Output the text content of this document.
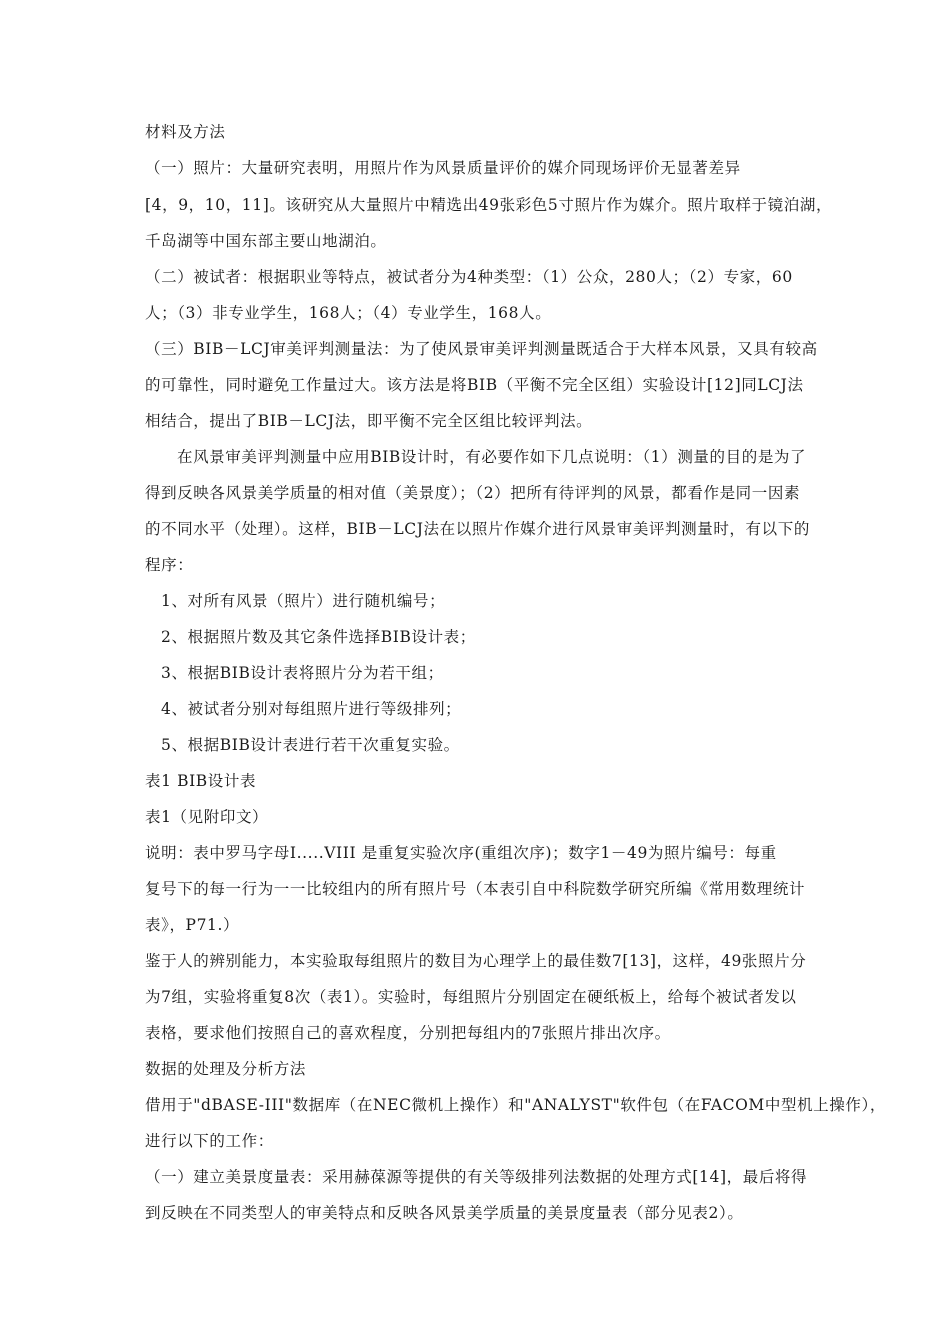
材料及方法
（一）照片：大量研究表明，用照片作为风景质量评价的媒介同现场评价无显著差异
[4，9，10，11]。该研究从大量照片中精选出49张彩色5寸照片作为媒介。照片取样于镜泊湖，
千岛湖等中国东部主要山地湖泊。
（二）被试者：根据职业等特点，被试者分为4种类型：（1）公众，280人；（2）专家，60
人；（3）非专业学生，168人；（4）专业学生，168人。
（三）BIB－LCJ审美评判测量法：为了使风景审美评判测量既适合于大样本风景，又具有较高
的可靠性，同时避免工作量过大。该方法是将BIB（平衡不完全区组）实验设计[12]同LCJ法
相结合，提出了BIB－LCJ法，即平衡不完全区组比较评判法。
在风景审美评判测量中应用BIB设计时，有必要作如下几点说明：（1）测量的目的是为了
得到反映各风景美学质量的相对值（美景度）；（2）把所有待评判的风景，都看作是同一因素
的不同水平（处理）。这样，BIB－LCJ法在以照片作媒介进行风景审美评判测量时，有以下的
程序：
1、对所有风景（照片）进行随机编号；
2、根据照片数及其它条件选择BIB设计表；
3、根据BIB设计表将照片分为若干组；
4、被试者分别对每组照片进行等级排列；
5、根据BIB设计表进行若干次重复实验。
表1 BIB设计表
表1（见附印文）
说明：表中罗马字母I.....VIII 是重复实验次序(重组次序)；数字1－49为照片编号：每重
复号下的每一行为一一比较组内的所有照片号（本表引自中科院数学研究所编《常用数理统计
表》，P71.）
鉴于人的辨别能力，本实验取每组照片的数目为心理学上的最佳数7[13]，这样，49张照片分
为7组，实验将重复8次（表1）。实验时，每组照片分别固定在硬纸板上，给每个被试者发以
表格，要求他们按照自己的喜欢程度，分别把每组内的7张照片排出次序。
数据的处理及分析方法
借用于"dBASE-III"数据库（在NEC微机上操作）和"ANALYST"软件包（在FACOM中型机上操作），
进行以下的工作：
（一）建立美景度量表：采用赫葆源等提供的有关等级排列法数据的处理方式[14]，最后将得
到反映在不同类型人的审美特点和反映各风景美学质量的美景度量表（部分见表2）。
